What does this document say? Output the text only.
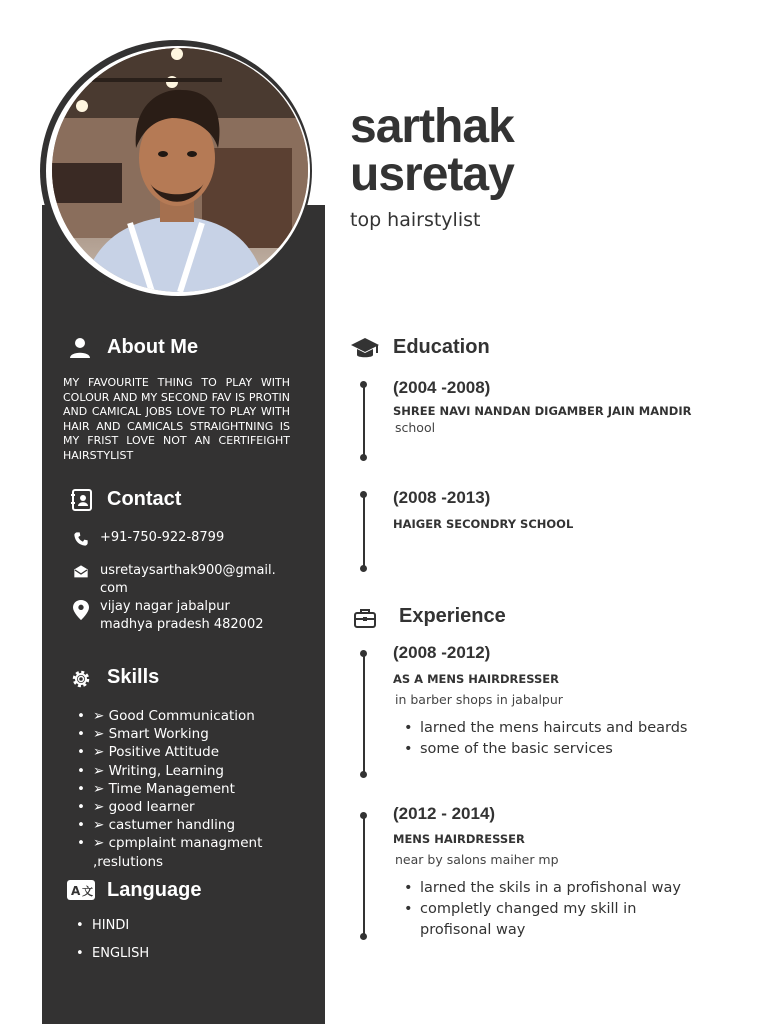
sarthak
usretay
top hairstylist
About Me
MY FAVOURITE THING TO PLAY WITH COLOUR AND MY SECOND FAV IS PROTIN AND CAMICAL JOBS LOVE TO PLAY WITH HAIR AND CAMICALS STRAIGHTNING IS MY FRIST LOVE NOT AN CERTIFEIGHT HAIRSTYLIST
Contact
+91-750-922-8799
usretaysarthak900@gmail.
com
vijay nagar jabalpur
madhya pradesh 482002
Skills
• ➢ Good Communication
• ➢ Smart Working
• ➢ Positive Attitude
• ➢ Writing, Learning
• ➢ Time Management
• ➢ good learner
• ➢ castumer handling
• ➢ cpmplaint managment
,reslutions
A 文 Language
• HINDI
• ENGLISH
Education
(2004 -2008)
SHREE NAVI NANDAN DIGAMBER JAIN MANDIR
school
(2008 -2013)
HAIGER SECONDRY SCHOOL
Experience
(2008 -2012)
AS A MENS HAIRDRESSER
in barber shops in jabalpur
• larned the mens haircuts and beards
• some of the basic services
(2012 - 2014)
MENS HAIRDRESSER
near by salons maiher mp
• larned the skils in a profishonal way
• completly changed my skill in
profisonal way
